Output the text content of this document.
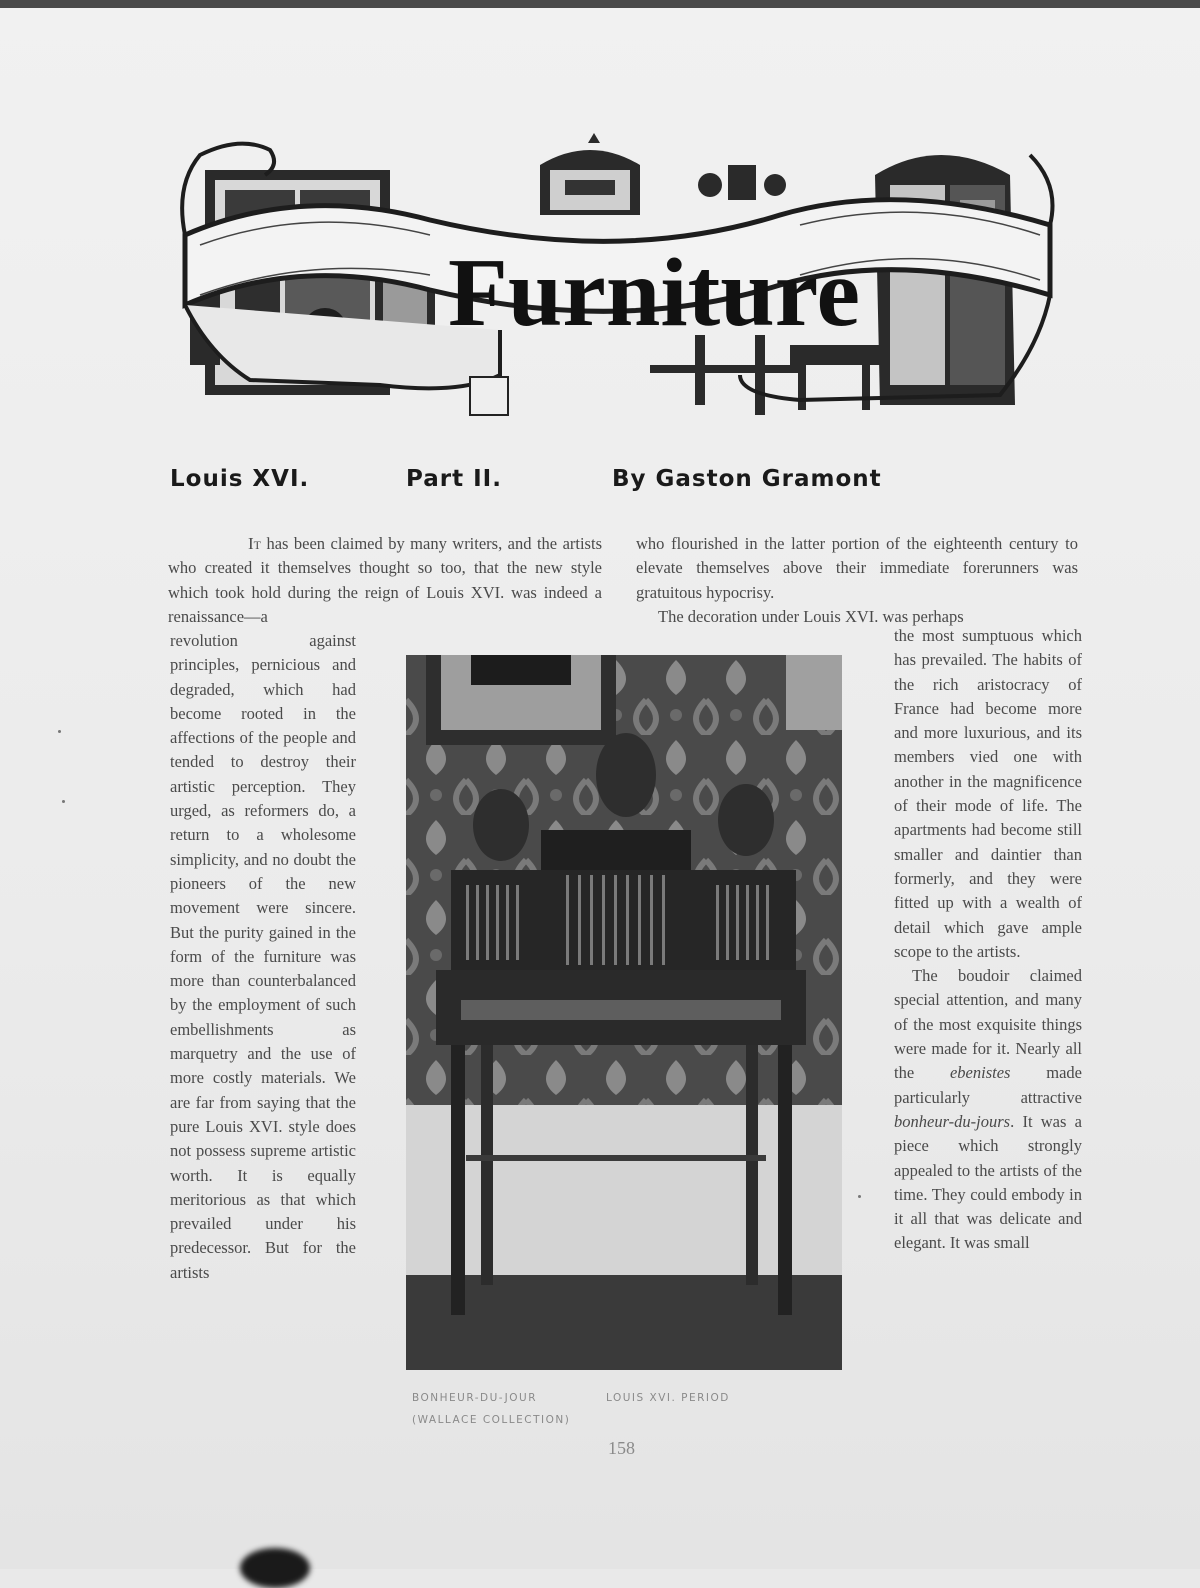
Furniture
Louis XVI.	Part II.	By Gaston Gramont

It has been claimed by many writers, and the artists who created it themselves thought so too, that the new style which took hold during the reign of Louis XVI. was indeed a renaissance—a

revolution against principles, pernicious and degraded, which had become rooted in the affections of the people and tended to destroy their artistic perception. They urged, as reformers do, a return to a wholesome simplicity, and no doubt the pioneers of the new movement were sincere. But the purity gained in the form of the furniture was more than counterbalanced by the employment of such embellishments as marquetry and the use of more costly materials. We are far from saying that the pure Louis XVI. style does not possess supreme artistic worth. It is equally meritorious as that which prevailed under his predecessor. But for the artists

who flourished in the latter portion of the eighteenth century to elevate themselves above their immediate forerunners was gratuitous hypocrisy.

The decoration under Louis XVI. was perhaps

the most sumptuous which has prevailed. The habits of the rich aristocracy of France had become more and more luxurious, and its members vied one with another in the magnificence of their mode of life. The apartments had become still smaller and daintier than formerly, and they were fitted up with a wealth of detail which gave ample scope to the artists.

The boudoir claimed special attention, and many of the most exquisite things were made for it. Nearly all the ebenistes made particularly attractive bonheur-du-jours. It was a piece which strongly appealed to the artists of the time. They could embody in it all that was delicate and elegant. It was small

BONHEUR-DU-JOUR	LOUIS XVI. PERIOD
(WALLACE COLLECTION)
158
